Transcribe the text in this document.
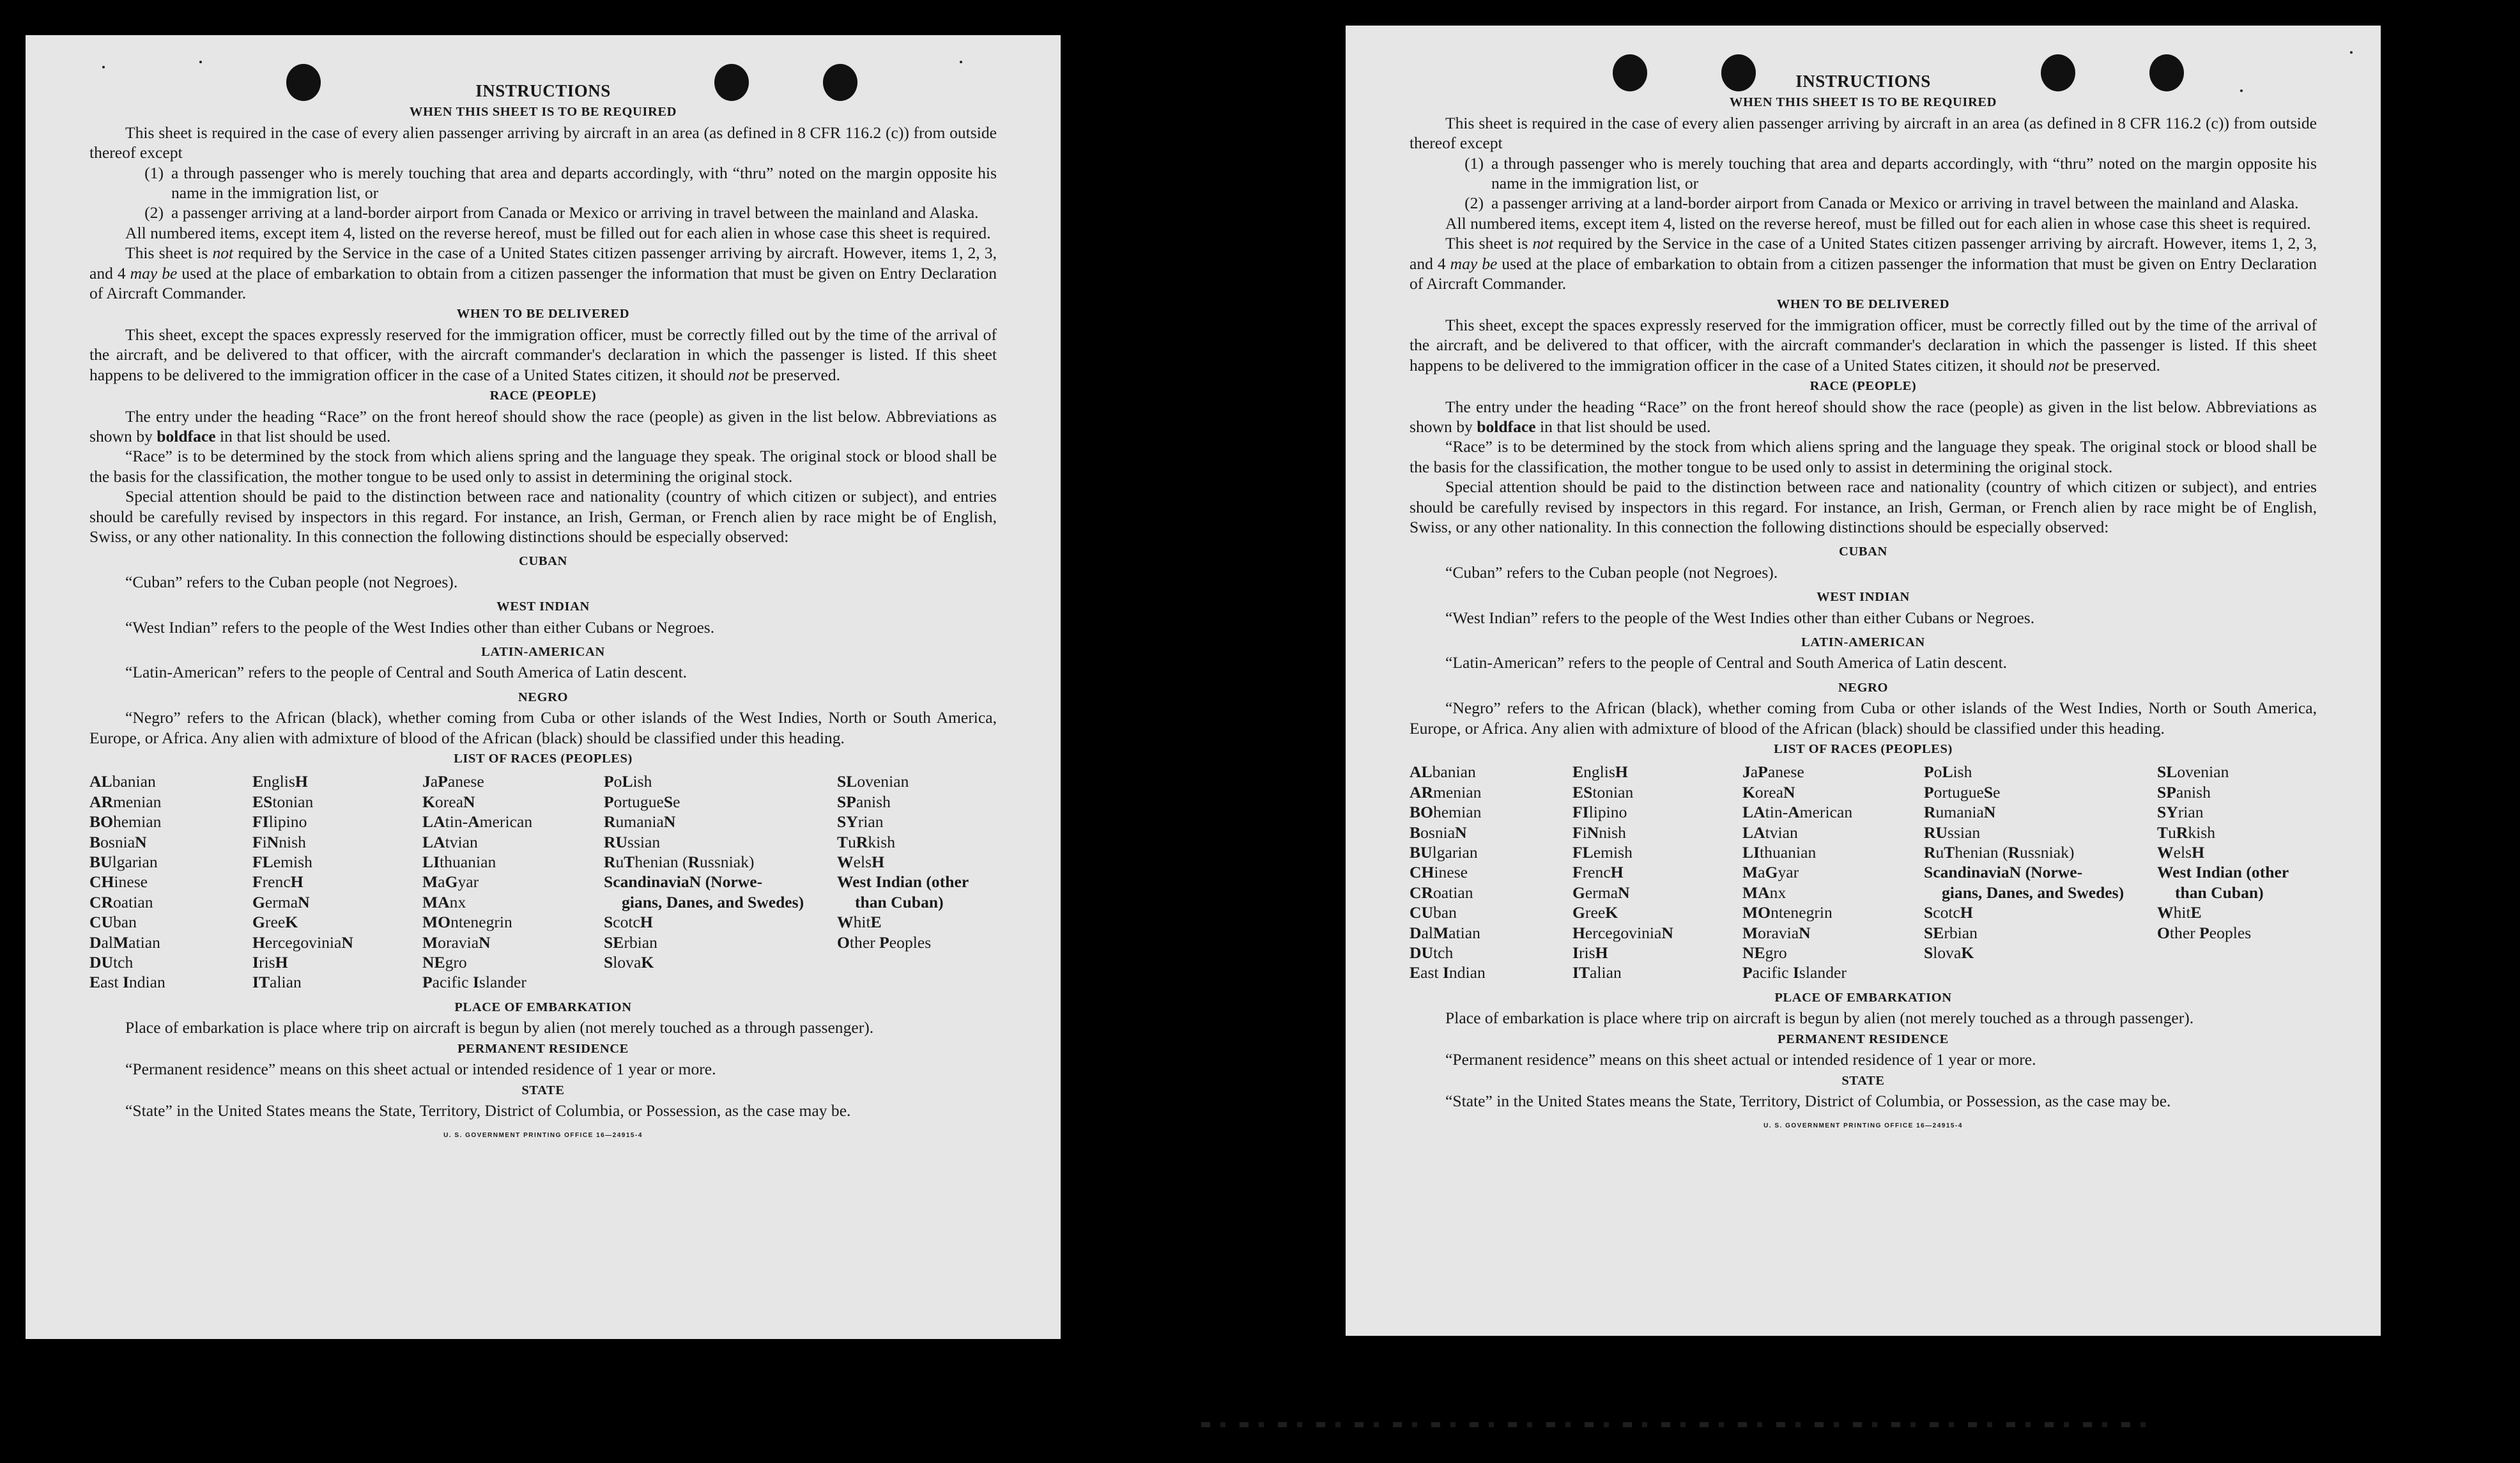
INSTRUCTIONS
WHEN THIS SHEET IS TO BE REQUIRED

This sheet is required in the case of every alien passenger arriving by aircraft in an area (as defined in 8 CFR 116.2 (c)) from outside thereof except

(1) a through passenger who is merely touching that area and departs accordingly, with “thru” noted on the margin opposite his name in the immigration list, or
(2) a passenger arriving at a land-border airport from Canada or Mexico or arriving in travel between the mainland and Alaska.

All numbered items, except item 4, listed on the reverse hereof, must be filled out for each alien in whose case this sheet is required.

This sheet is not required by the Service in the case of a United States citizen passenger arriving by aircraft. However, items 1, 2, 3, and 4 may be used at the place of embarkation to obtain from a citizen passenger the information that must be given on Entry Declaration of Aircraft Commander.

WHEN TO BE DELIVERED

This sheet, except the spaces expressly reserved for the immigration officer, must be correctly filled out by the time of the arrival of the aircraft, and be delivered to that officer, with the aircraft commander's declaration in which the passenger is listed. If this sheet happens to be delivered to the immigration officer in the case of a United States citizen, it should not be preserved.

RACE (PEOPLE)

The entry under the heading “Race” on the front hereof should show the race (people) as given in the list below. Abbreviations as shown by boldface in that list should be used.

“Race” is to be determined by the stock from which aliens spring and the language they speak. The original stock or blood shall be the basis for the classification, the mother tongue to be used only to assist in determining the original stock.

Special attention should be paid to the distinction between race and nationality (country of which citizen or subject), and entries should be carefully revised by inspectors in this regard. For instance, an Irish, German, or French alien by race might be of English, Swiss, or any other nationality. In this connection the following distinctions should be especially observed:

CUBAN

“Cuban” refers to the Cuban people (not Negroes).

WEST INDIAN

“West Indian” refers to the people of the West Indies other than either Cubans or Negroes.

LATIN-AMERICAN

“Latin-American” refers to the people of Central and South America of Latin descent.

NEGRO

“Negro” refers to the African (black), whether coming from Cuba or other islands of the West Indies, North or South America, Europe, or Africa. Any alien with admixture of blood of the African (black) should be classified under this heading.

LIST OF RACES (PEOPLES)
ALbanian
ARmenian
BOhemian
BosniaN
BUlgarian
CHinese
CRoatian
CUban
DalMatian
DUtch
East Indian
EnglisH
EStonian
FIlipino
FiNnish
FLemish
FrencH
GermaN
GreeK
HercegoviniaN
IrisH
ITalian
JaPanese
KoreaN
LAtin-American
LAtvian
LIthuanian
MaGyar
MAnx
MOntenegrin
MoraviaN
NEgro
Pacific Islander
PoLish
PortugueSe
RumaniaN
RUssian
RuThenian (Russniak)
ScandinaviaN (Norwe-
gians, Danes, and Swedes)
ScotcH
SErbian
SlovaK
SLovenian
SPanish
SYrian
TuRkish
WelsH
West Indian (other
than Cuban)
WhitE
Other Peoples
PLACE OF EMBARKATION

Place of embarkation is place where trip on aircraft is begun by alien (not merely touched as a through passenger).

PERMANENT RESIDENCE

“Permanent residence” means on this sheet actual or intended residence of 1 year or more.

STATE

“State” in the United States means the State, Territory, District of Columbia, or Possession, as the case may be.

U. S. GOVERNMENT PRINTING OFFICE 16—24915-4
INSTRUCTIONS
WHEN THIS SHEET IS TO BE REQUIRED

This sheet is required in the case of every alien passenger arriving by aircraft in an area (as defined in 8 CFR 116.2 (c)) from outside thereof except

(1) a through passenger who is merely touching that area and departs accordingly, with “thru” noted on the margin opposite his name in the immigration list, or
(2) a passenger arriving at a land-border airport from Canada or Mexico or arriving in travel between the mainland and Alaska.

All numbered items, except item 4, listed on the reverse hereof, must be filled out for each alien in whose case this sheet is required.

This sheet is not required by the Service in the case of a United States citizen passenger arriving by aircraft. However, items 1, 2, 3, and 4 may be used at the place of embarkation to obtain from a citizen passenger the information that must be given on Entry Declaration of Aircraft Commander.

WHEN TO BE DELIVERED

This sheet, except the spaces expressly reserved for the immigration officer, must be correctly filled out by the time of the arrival of the aircraft, and be delivered to that officer, with the aircraft commander's declaration in which the passenger is listed. If this sheet happens to be delivered to the immigration officer in the case of a United States citizen, it should not be preserved.

RACE (PEOPLE)

The entry under the heading “Race” on the front hereof should show the race (people) as given in the list below. Abbreviations as shown by boldface in that list should be used.

“Race” is to be determined by the stock from which aliens spring and the language they speak. The original stock or blood shall be the basis for the classification, the mother tongue to be used only to assist in determining the original stock.

Special attention should be paid to the distinction between race and nationality (country of which citizen or subject), and entries should be carefully revised by inspectors in this regard. For instance, an Irish, German, or French alien by race might be of English, Swiss, or any other nationality. In this connection the following distinctions should be especially observed:

CUBAN

“Cuban” refers to the Cuban people (not Negroes).

WEST INDIAN

“West Indian” refers to the people of the West Indies other than either Cubans or Negroes.

LATIN-AMERICAN

“Latin-American” refers to the people of Central and South America of Latin descent.

NEGRO

“Negro” refers to the African (black), whether coming from Cuba or other islands of the West Indies, North or South America, Europe, or Africa. Any alien with admixture of blood of the African (black) should be classified under this heading.

LIST OF RACES (PEOPLES)
ALbanian
ARmenian
BOhemian
BosniaN
BUlgarian
CHinese
CRoatian
CUban
DalMatian
DUtch
East Indian
EnglisH
EStonian
FIlipino
FiNnish
FLemish
FrencH
GermaN
GreeK
HercegoviniaN
IrisH
ITalian
JaPanese
KoreaN
LAtin-American
LAtvian
LIthuanian
MaGyar
MAnx
MOntenegrin
MoraviaN
NEgro
Pacific Islander
PoLish
PortugueSe
RumaniaN
RUssian
RuThenian (Russniak)
ScandinaviaN (Norwe-
gians, Danes, and Swedes)
ScotcH
SErbian
SlovaK
SLovenian
SPanish
SYrian
TuRkish
WelsH
West Indian (other
than Cuban)
WhitE
Other Peoples
PLACE OF EMBARKATION

Place of embarkation is place where trip on aircraft is begun by alien (not merely touched as a through passenger).

PERMANENT RESIDENCE

“Permanent residence” means on this sheet actual or intended residence of 1 year or more.

STATE

“State” in the United States means the State, Territory, District of Columbia, or Possession, as the case may be.

U. S. GOVERNMENT PRINTING OFFICE 16—24915-4
